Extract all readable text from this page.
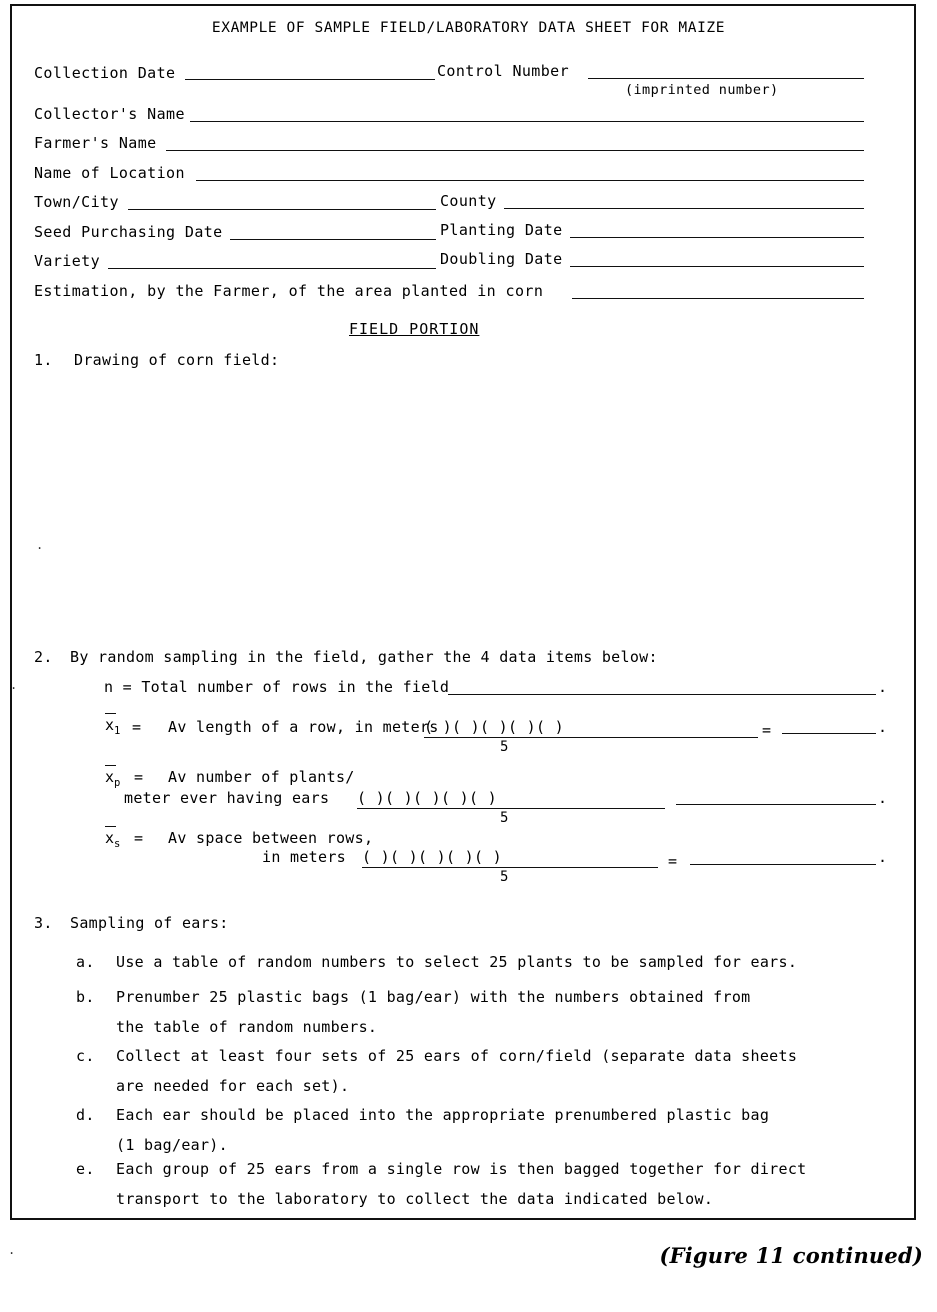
EXAMPLE OF SAMPLE FIELD/LABORATORY DATA SHEET FOR MAIZE
Collection Date	Control Number
(imprinted number)
Collector's Name
Farmer's Name
Name of Location
Town/City	County
Seed Purchasing Date	Planting Date
Variety	Doubling Date
Estimation, by the Farmer, of the area planted in corn
FIELD PORTION
1. Drawing of corn field:
.
.
2. By random sampling in the field, gather the 4 data items below:
n = Total number of rows in the field	.
$x_1 = Av$ length of a row, in meters
( )( )( )( )( )
5
=	.
$x_p = Av$ number of plants/
meter ever having ears ( )( )( )( )( )
5
.
$x_s = Av$ space between rows,
in meters ( )( )( )( )( )
5
=	.
3. Sampling of ears:
a. Use a table of random numbers to select 25 plants to be sampled for ears.
b. Prenumber 25 plastic bags (1 bag/ear) with the numbers obtained from
the table of random numbers.
c. Collect at least four sets of 25 ears of corn/field (separate data sheets
are needed for each set).
d. Each ear should be placed into the appropriate prenumbered plastic bag
(1 bag/ear).
e. Each group of 25 ears from a single row is then bagged together for direct
transport to the laboratory to collect the data indicated below.
(Figure 11 continued)
.
